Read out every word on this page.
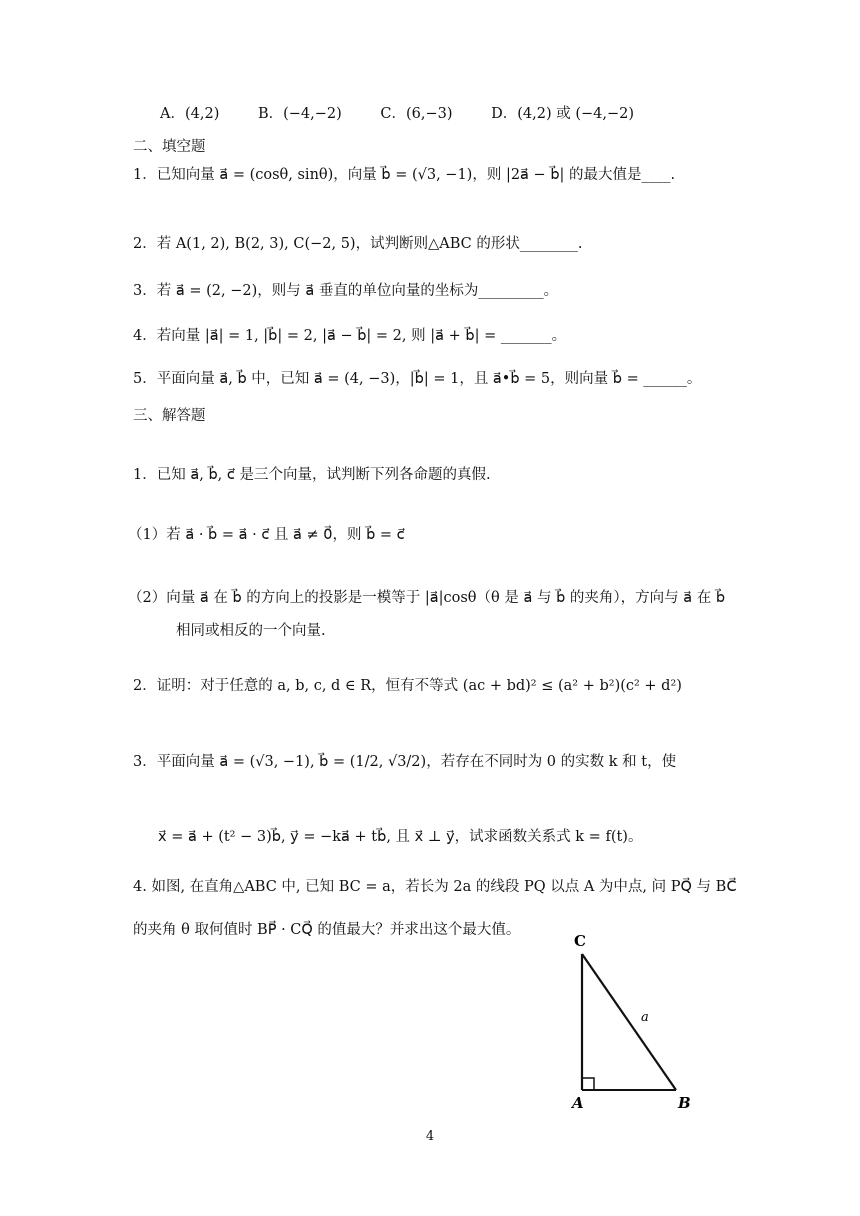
A．(4,2)	B．(−4,−2)	C．(6,−3)	D．(4,2) 或 (−4,−2)
二、填空题
1．已知向量 a⃗ = (cosθ, sinθ)，向量 b⃗ = (√3, −1)，则 |2a⃗ − b⃗| 的最大值是____.
2．若 A(1, 2), B(2, 3), C(−2, 5)，试判断则△ABC 的形状________.
3．若 a⃗ = (2, −2)，则与 a⃗ 垂直的单位向量的坐标为_________。
4．若向量 |a⃗| = 1, |b⃗| = 2, |a⃗ − b⃗| = 2, 则 |a⃗ + b⃗| = _______。
5．平面向量 a⃗, b⃗ 中，已知 a⃗ = (4, −3)，|b⃗| = 1，且 a⃗•b⃗ = 5，则向量 b⃗ = ______。
三、解答题
1．已知 a⃗, b⃗, c⃗ 是三个向量，试判断下列各命题的真假.
（1）若 a⃗ · b⃗ = a⃗ · c⃗ 且 a⃗ ≠ 0⃗，则 b⃗ = c⃗
（2）向量 a⃗ 在 b⃗ 的方向上的投影是一模等于 |a⃗|cosθ（θ 是 a⃗ 与 b⃗ 的夹角），方向与 a⃗ 在 b⃗
相同或相反的一个向量.
2．证明：对于任意的 a, b, c, d ∈ R，恒有不等式 (ac + bd)² ≤ (a² + b²)(c² + d²)
3．平面向量 a⃗ = (√3, −1), b⃗ = (1/2, √3/2)，若存在不同时为 0 的实数 k 和 t，使
x⃗ = a⃗ + (t² − 3)b⃗, y⃗ = −ka⃗ + tb⃗, 且 x⃗ ⊥ y⃗，试求函数关系式 k = f(t)。
4. 如图, 在直角△ABC 中, 已知 BC = a，若长为 2a 的线段 PQ 以点 A 为中点, 问 PQ⃗ 与 BC⃗
的夹角 θ 取何值时 BP⃗ · CQ⃗ 的值最大？并求出这个最大值。
C
A	B
a
4
